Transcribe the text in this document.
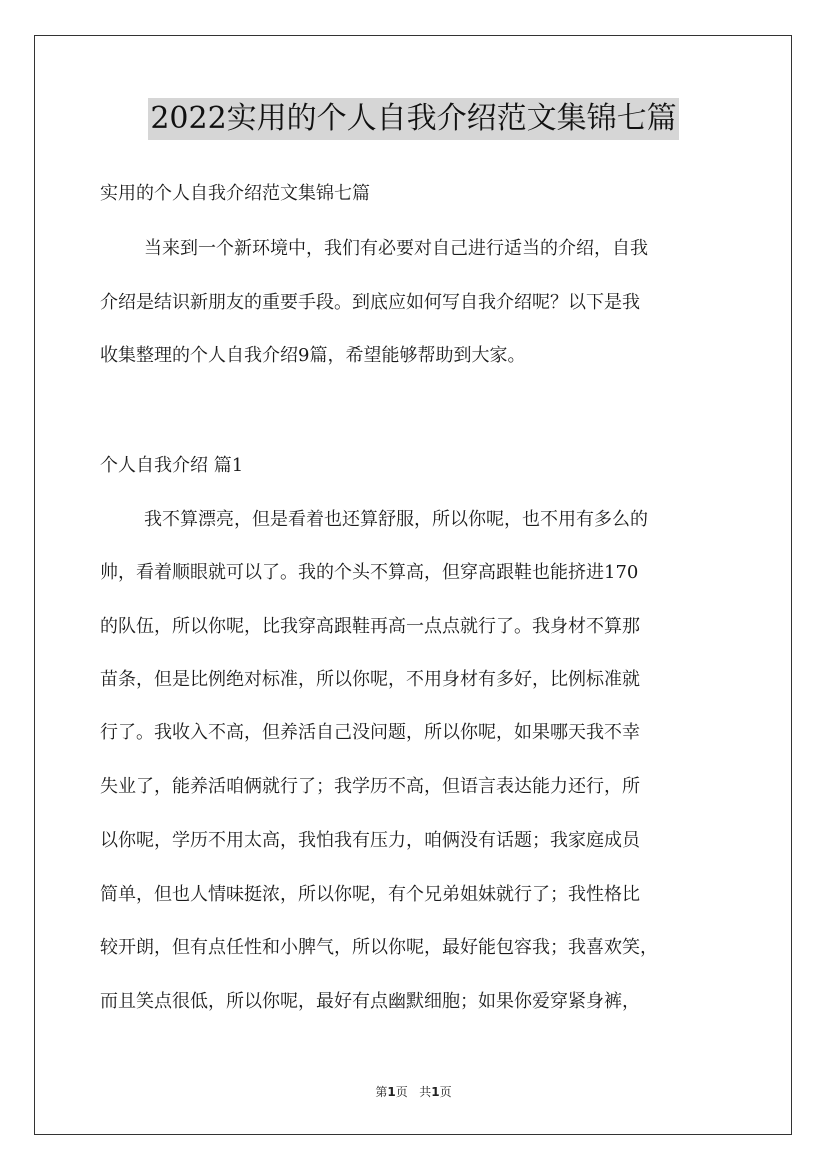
2022实用的个人自我介绍范文集锦七篇
实用的个人自我介绍范文集锦七篇
当来到一个新环境中，我们有必要对自己进行适当的介绍，自我
介绍是结识新朋友的重要手段。到底应如何写自我介绍呢？以下是我
收集整理的个人自我介绍9篇，希望能够帮助到大家。
个人自我介绍 篇1
我不算漂亮，但是看着也还算舒服，所以你呢，也不用有多么的
帅，看着顺眼就可以了。我的个头不算高，但穿高跟鞋也能挤进170
的队伍，所以你呢，比我穿高跟鞋再高一点点就行了。我身材不算那
苗条，但是比例绝对标准，所以你呢，不用身材有多好，比例标准就
行了。我收入不高，但养活自己没问题，所以你呢，如果哪天我不幸
失业了，能养活咱俩就行了；我学历不高，但语言表达能力还行，所
以你呢，学历不用太高，我怕我有压力，咱俩没有话题；我家庭成员
简单，但也人情味挺浓，所以你呢，有个兄弟姐妹就行了；我性格比
较开朗，但有点任性和小脾气，所以你呢，最好能包容我；我喜欢笑，
而且笑点很低，所以你呢，最好有点幽默细胞；如果你爱穿紧身裤，
第1页 共1页
